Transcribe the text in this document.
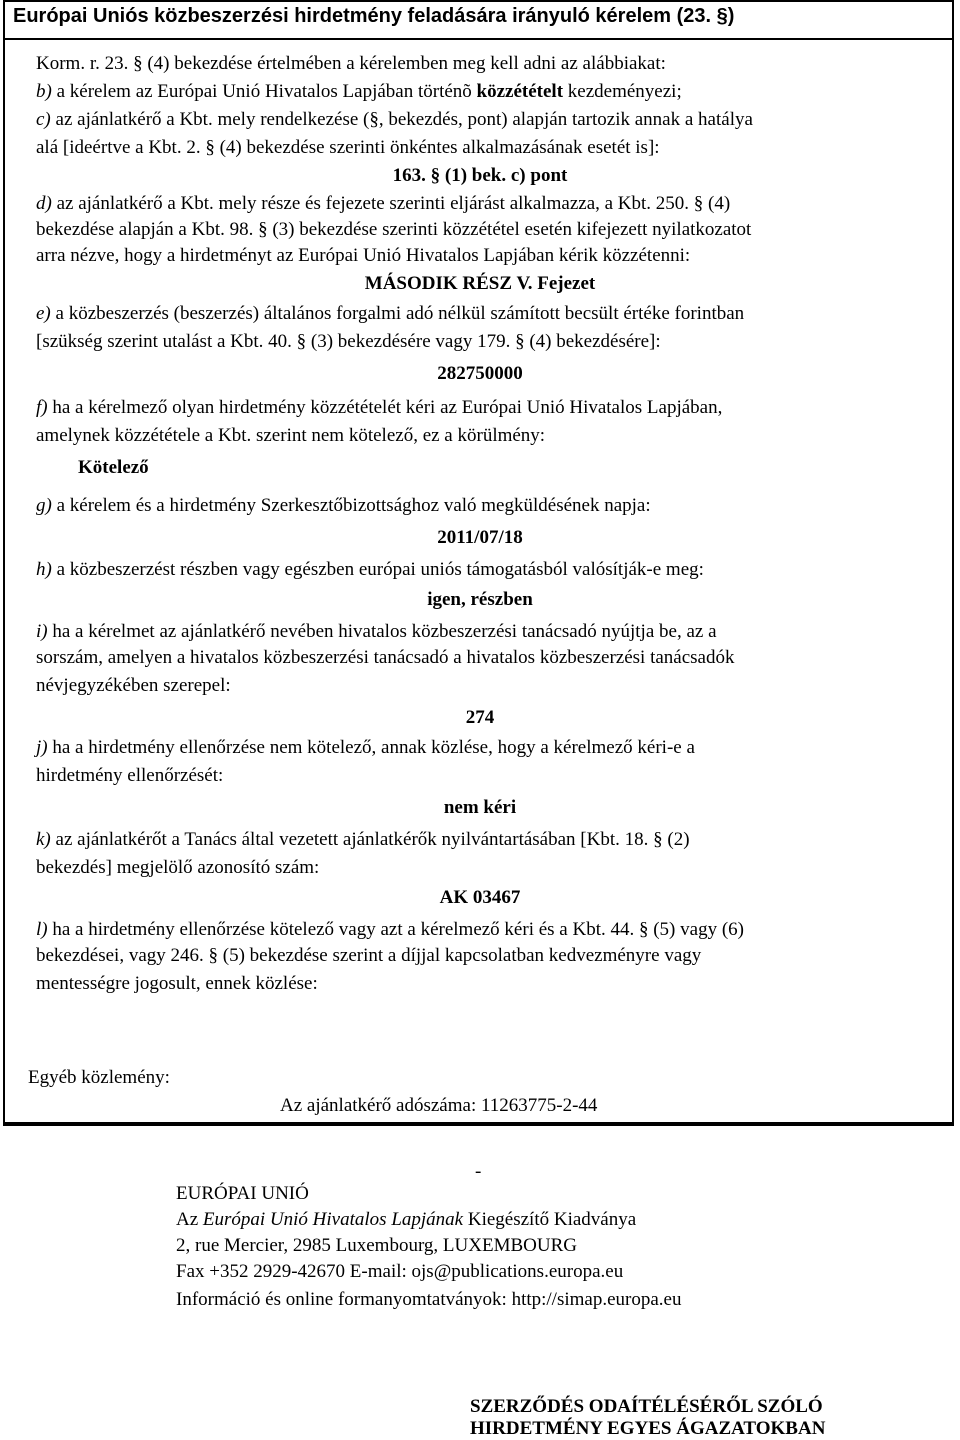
Európai Uniós közbeszerzési hirdetmény feladására irányuló kérelem (23. §)
Korm. r. 23. § (4) bekezdése értelmében a kérelemben meg kell adni az alábbiakat:
b) a kérelem az Európai Unió Hivatalos Lapjában történõ közzétételt kezdeményezi;
c) az ajánlatkérő a Kbt. mely rendelkezése (§, bekezdés, pont) alapján tartozik annak a hatálya
alá [ideértve a Kbt. 2. § (4) bekezdése szerinti önkéntes alkalmazásának esetét is]:
163. § (1) bek. c) pont
d) az ajánlatkérő a Kbt. mely része és fejezete szerinti eljárást alkalmazza, a Kbt. 250. § (4)
bekezdése alapján a Kbt. 98. § (3) bekezdése szerinti közzététel esetén kifejezett nyilatkozatot
arra nézve, hogy a hirdetményt az Európai Unió Hivatalos Lapjában kérik közzétenni:
MÁSODIK RÉSZ V. Fejezet
e) a közbeszerzés (beszerzés) általános forgalmi adó nélkül számított becsült értéke forintban
[szükség szerint utalást a Kbt. 40. § (3) bekezdésére vagy 179. § (4) bekezdésére]:
282750000
f) ha a kérelmező olyan hirdetmény közzétételét kéri az Európai Unió Hivatalos Lapjában,
amelynek közzététele a Kbt. szerint nem kötelező, ez a körülmény:
Kötelező
g) a kérelem és a hirdetmény Szerkesztőbizottsághoz való megküldésének napja:
2011/07/18
h) a közbeszerzést részben vagy egészben európai uniós támogatásból valósítják-e meg:
igen, részben
i) ha a kérelmet az ajánlatkérő nevében hivatalos közbeszerzési tanácsadó nyújtja be, az a
sorszám, amelyen a hivatalos közbeszerzési tanácsadó a hivatalos közbeszerzési tanácsadók
névjegyzékében szerepel:
274
j) ha a hirdetmény ellenőrzése nem kötelező, annak közlése, hogy a kérelmező kéri-e a
hirdetmény ellenőrzését:
nem kéri
k) az ajánlatkérőt a Tanács által vezetett ajánlatkérők nyilvántartásában [Kbt. 18. § (2)
bekezdés] megjelölő azonosító szám:
AK 03467
l) ha a hirdetmény ellenőrzése kötelező vagy azt a kérelmező kéri és a Kbt. 44. § (5) vagy (6)
bekezdései, vagy 246. § (5) bekezdése szerint a díjjal kapcsolatban kedvezményre vagy
mentességre jogosult, ennek közlése:
Egyéb közlemény:
Az ajánlatkérő adószáma: 11263775-2-44
-
EURÓPAI UNIÓ
Az Európai Unió Hivatalos Lapjának Kiegészítő Kiadványa
2, rue Mercier, 2985 Luxembourg, LUXEMBOURG
Fax +352 2929-42670 E-mail: ojs@publications.europa.eu
Információ és online formanyomtatványok: http://simap.europa.eu
SZERZŐDÉS ODAÍTÉLÉSÉRŐL SZÓLÓ
HIRDETMÉNY EGYES ÁGAZATOKBAN
